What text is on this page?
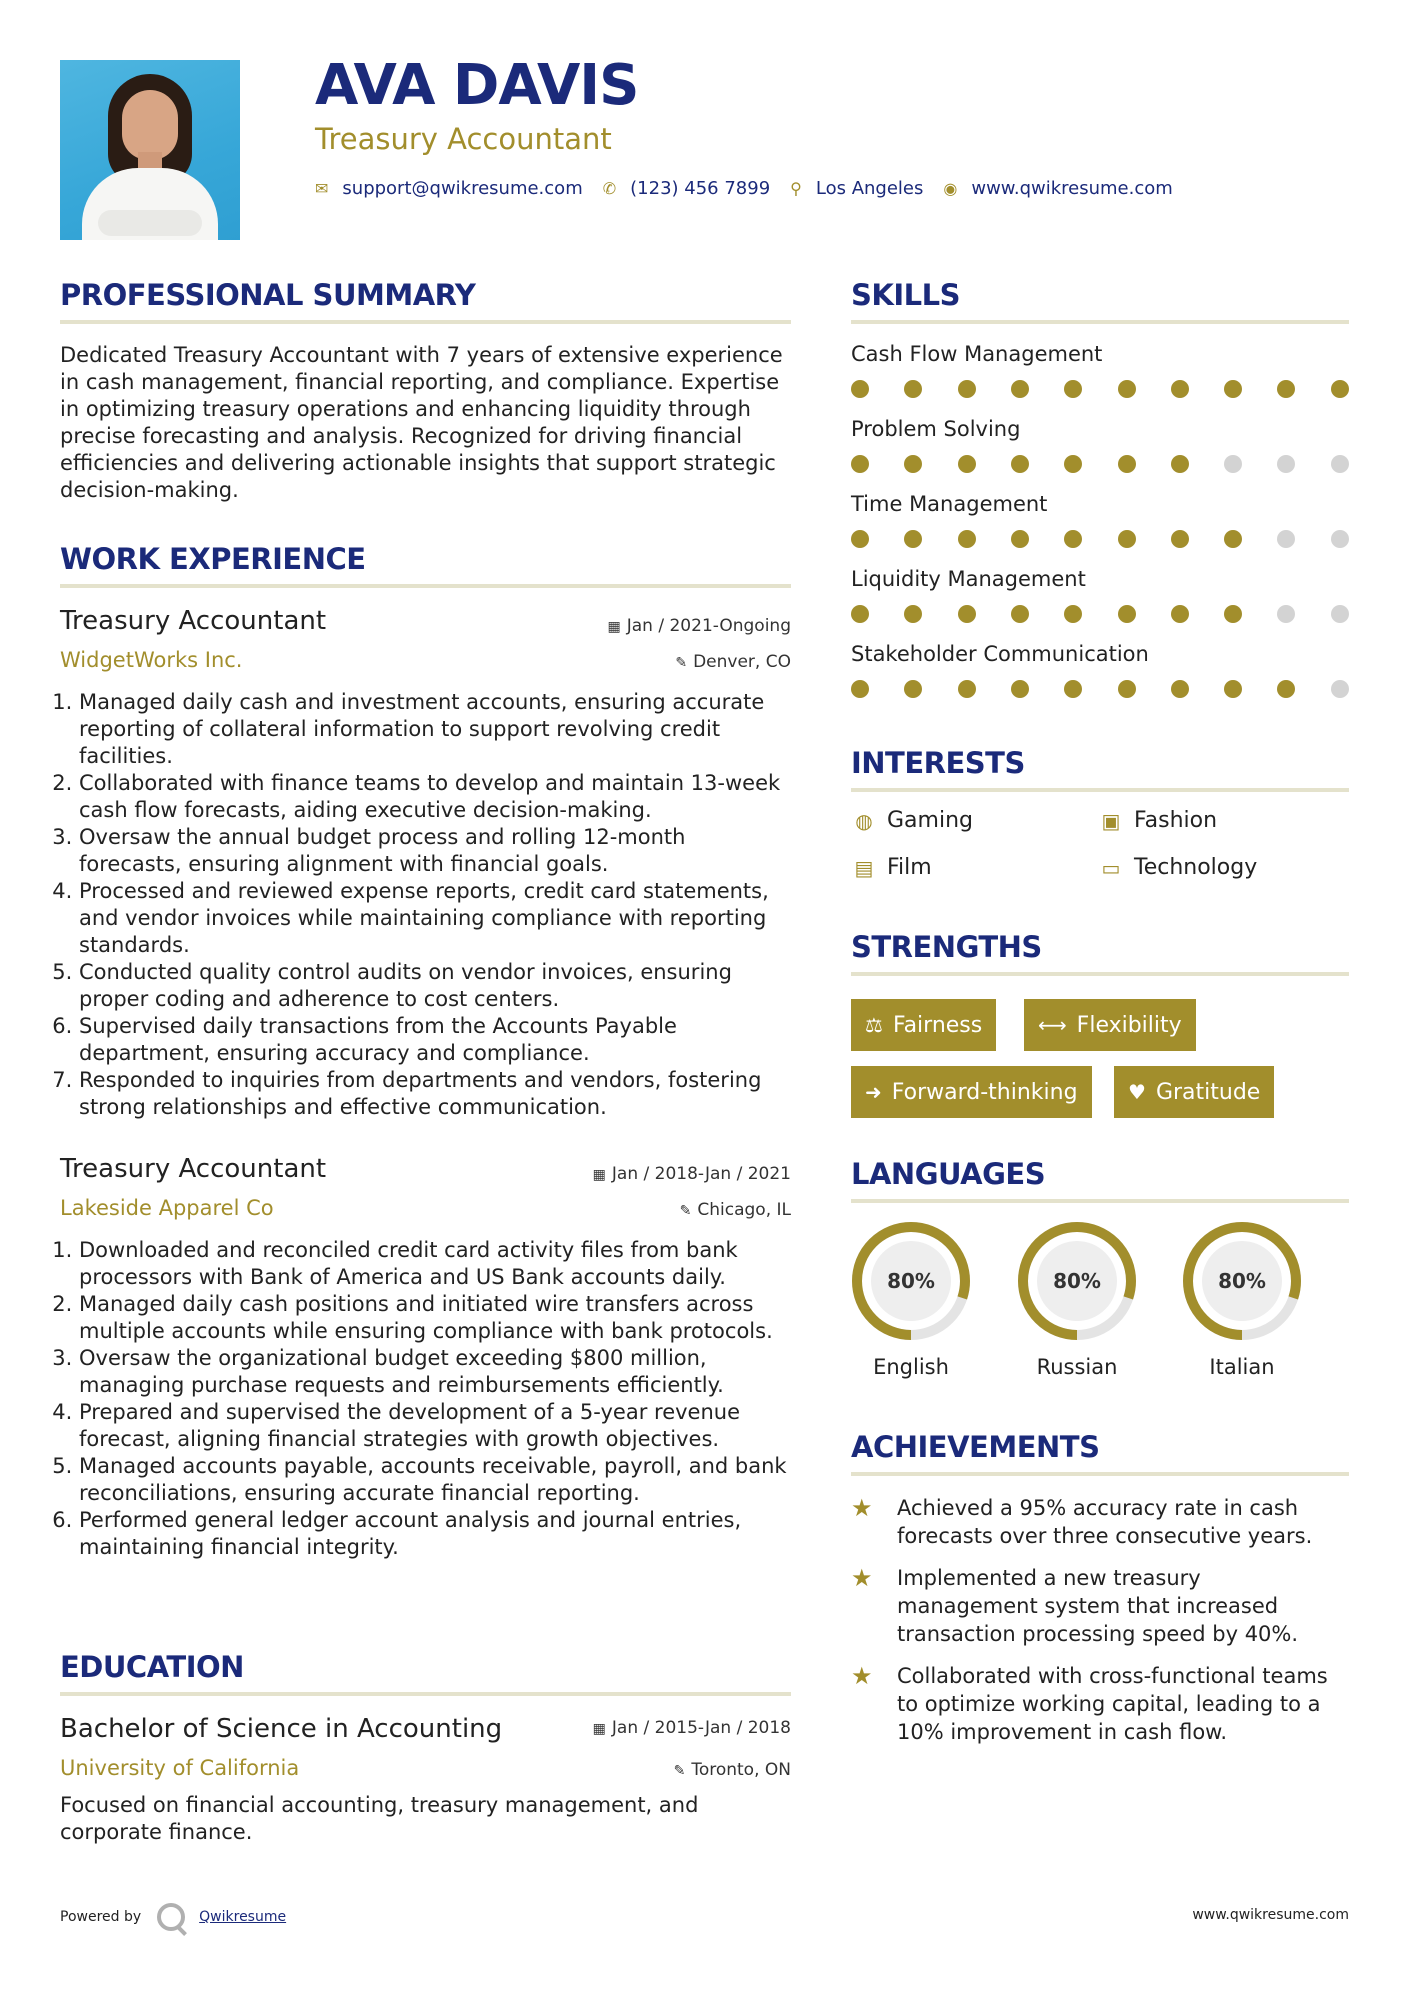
AVA DAVIS
Treasury Accountant
✉ support@qwikresume.com ✆ (123) 456 7899 ⚲ Los Angeles ◉ www.qwikresume.com
PROFESSIONAL SUMMARY
Dedicated Treasury Accountant with 7 years of extensive experience in cash management, financial reporting, and compliance. Expertise in optimizing treasury operations and enhancing liquidity through precise forecasting and analysis. Recognized for driving financial efficiencies and delivering actionable insights that support strategic decision-making.
WORK EXPERIENCE
Treasury Accountant	▦ Jan / 2021-Ongoing
WidgetWorks Inc.	✎ Denver, CO
1. Managed daily cash and investment accounts, ensuring accurate reporting of collateral information to support revolving credit facilities.
2. Collaborated with finance teams to develop and maintain 13-week cash flow forecasts, aiding executive decision-making.
3. Oversaw the annual budget process and rolling 12-month forecasts, ensuring alignment with financial goals.
4. Processed and reviewed expense reports, credit card statements, and vendor invoices while maintaining compliance with reporting standards.
5. Conducted quality control audits on vendor invoices, ensuring proper coding and adherence to cost centers.
6. Supervised daily transactions from the Accounts Payable department, ensuring accuracy and compliance.
7. Responded to inquiries from departments and vendors, fostering strong relationships and effective communication.
Treasury Accountant	▦ Jan / 2018-Jan / 2021
Lakeside Apparel Co	✎ Chicago, IL
1. Downloaded and reconciled credit card activity files from bank processors with Bank of America and US Bank accounts daily.
2. Managed daily cash positions and initiated wire transfers across multiple accounts while ensuring compliance with bank protocols.
3. Oversaw the organizational budget exceeding $800 million, managing purchase requests and reimbursements efficiently.
4. Prepared and supervised the development of a 5-year revenue forecast, aligning financial strategies with growth objectives.
5. Managed accounts payable, accounts receivable, payroll, and bank reconciliations, ensuring accurate financial reporting.
6. Performed general ledger account analysis and journal entries, maintaining financial integrity.
EDUCATION
Bachelor of Science in Accounting	▦ Jan / 2015-Jan / 2018
University of California	✎ Toronto, ON
Focused on financial accounting, treasury management, and corporate finance.
SKILLS
Cash Flow Management
Problem Solving
Time Management
Liquidity Management
Stakeholder Communication
INTERESTS
◍ Gaming	▣ Fashion
▤ Film	▭ Technology
STRENGTHS
⚖ Fairness	⟷ Flexibility
➜ Forward-thinking	♥ Gratitude
LANGUAGES
80%
English
80%
Russian
80%
Italian
ACHIEVEMENTS
★	Achieved a 95% accuracy rate in cash forecasts over three consecutive years.
★	Implemented a new treasury management system that increased transaction processing speed by 40%.
★	Collaborated with cross-functional teams to optimize working capital, leading to a 10% improvement in cash flow.
Powered by	Qwikresume	www.qwikresume.com
